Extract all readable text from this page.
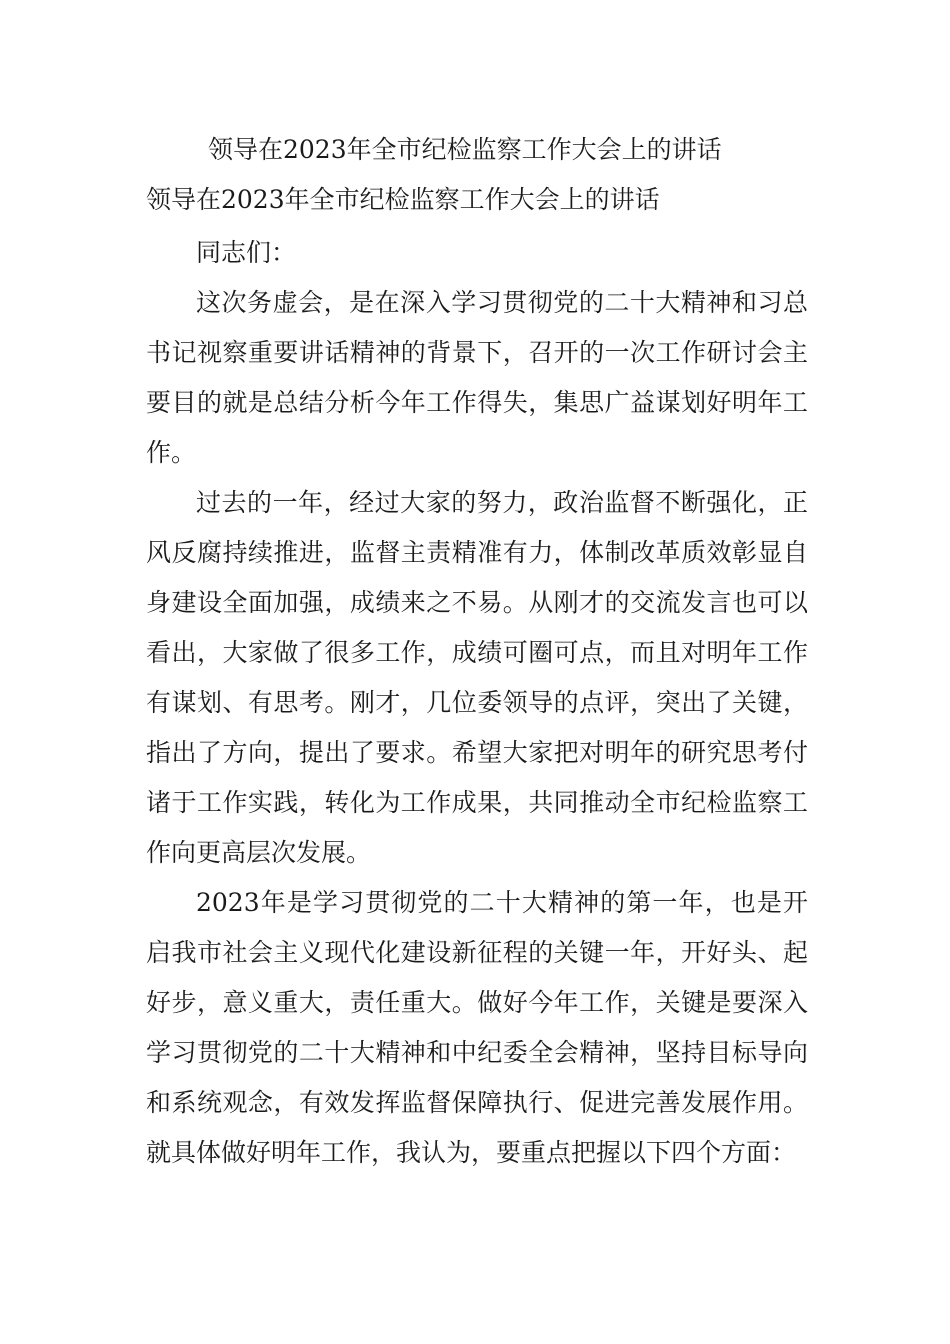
领导在2023年全市纪检监察工作大会上的讲话
领导在2023年全市纪检监察工作大会上的讲话

同志们：

这次务虚会，是在深入学习贯彻党的二十大精神和习总书记视察重要讲话精神的背景下，召开的一次工作研讨会主要目的就是总结分析今年工作得失，集思广益谋划好明年工作。

过去的一年，经过大家的努力，政治监督不断强化，正风反腐持续推进，监督主责精准有力，体制改革质效彰显自身建设全面加强，成绩来之不易。从刚才的交流发言也可以看出，大家做了很多工作，成绩可圈可点，而且对明年工作有谋划、有思考。刚才，几位委领导的点评，突出了关键，指出了方向，提出了要求。希望大家把对明年的研究思考付诸于工作实践，转化为工作成果，共同推动全市纪检监察工作向更高层次发展。

2023年是学习贯彻党的二十大精神的第一年，也是开启我市社会主义现代化建设新征程的关键一年，开好头、起好步，意义重大，责任重大。做好今年工作，关键是要深入学习贯彻党的二十大精神和中纪委全会精神，坚持目标导向和系统观念，有效发挥监督保障执行、促进完善发展作用。就具体做好明年工作，我认为，要重点把握以下四个方面：
